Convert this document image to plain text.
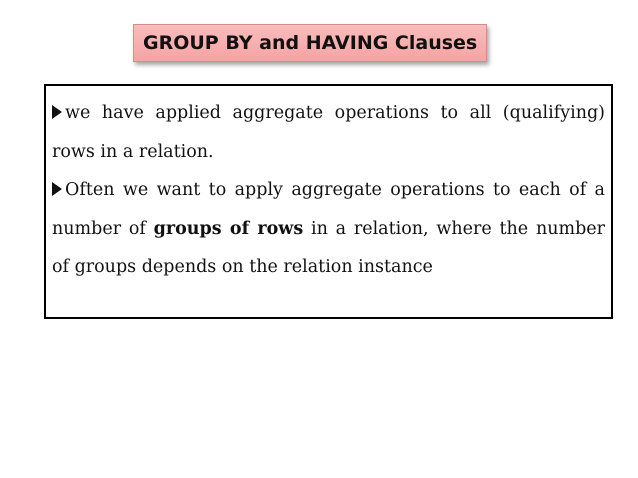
GROUP BY and HAVING Clauses

we have applied aggregate operations to all (qualifying) rows in a relation.

Often we want to apply aggregate operations to each of a number of groups of rows in a relation, where the number of groups depends on the relation instance
